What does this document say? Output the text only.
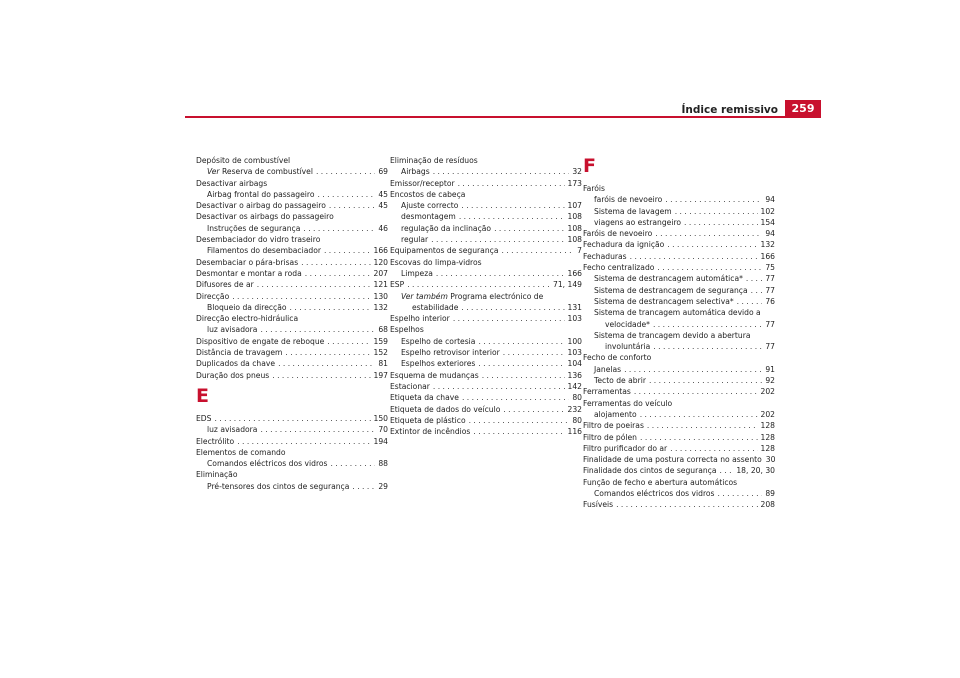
Índice remissivo	259
Depósito de combustível
Ver Reserva de combustível . . .	69
Desactivar airbags
Airbag frontal do passageiro . . .	45
Desactivar o airbag do passageiro . . .	45
Desactivar os airbags do passageiro
Instruções de segurança . . .	46
Desembaciador do vidro traseiro
Filamentos do desembaciador . . .	166
Desembaciar o pára-brisas . . .	120
Desmontar e montar a roda . . .	207
Difusores de ar . . .	121
Direcção . . .	130
Bloqueio da direcção . . .	132
Direcção electro-hidráulica
luz avisadora . . .	68
Dispositivo de engate de reboque . . .	159
Distância de travagem . . .	152
Duplicados da chave . . .	81
Duração dos pneus . . .	197
E
EDS . . .	150
luz avisadora . . .	70
Electrólito . . .	194
Elementos de comando
Comandos eléctricos dos vidros . . .	88
Eliminação
Pré-tensores dos cintos de segurança . . .	29
Eliminação de resíduos
Airbags . . .	32
Emissor/receptor . . .	173
Encostos de cabeça
Ajuste correcto . . .	107
desmontagem . . .	108
regulação da inclinação . . .	108
regular . . .	108
Equipamentos de segurança . . .	7
Escovas do limpa-vidros
Limpeza . . .	166
ESP . . .	71, 149
Ver também Programa electrónico de
estabilidade . . .	131
Espelho interior . . .	103
Espelhos
Espelho de cortesia . . .	100
Espelho retrovisor interior . . .	103
Espelhos exteriores . . .	104
Esquema de mudanças . . .	136
Estacionar . . .	142
Etiqueta da chave . . .	80
Etiqueta de dados do veículo . . .	232
Etiqueta de plástico . . .	80
Extintor de incêndios . . .	116
F
Faróis
faróis de nevoeiro . . .	94
Sistema de lavagem . . .	102
viagens ao estrangeiro . . .	154
Faróis de nevoeiro . . .	94
Fechadura da ignição . . .	132
Fechaduras . . .	166
Fecho centralizado . . .	75
Sistema de destrancagem automática* . . .	77
Sistema de destrancagem de segurança . . . 77
Sistema de destrancagem selectiva* . . .	76
Sistema de trancagem automática devido a
velocidade* . . .	77
Sistema de trancagem devido a abertura
involuntária . . .	77
Fecho de conforto
Janelas . . .	91
Tecto de abrir . . .	92
Ferramentas . . .	202
Ferramentas do veículo
alojamento . . .	202
Filtro de poeiras . . .	128
Filtro de pólen . . .	128
Filtro purificador do ar . . .	128
Finalidade de uma postura correcta no assento 30
Finalidade dos cintos de segurança . . .	18, 20, 30
Função de fecho e abertura automáticos
Comandos eléctricos dos vidros . . .	89
Fusíveis . . .	208
